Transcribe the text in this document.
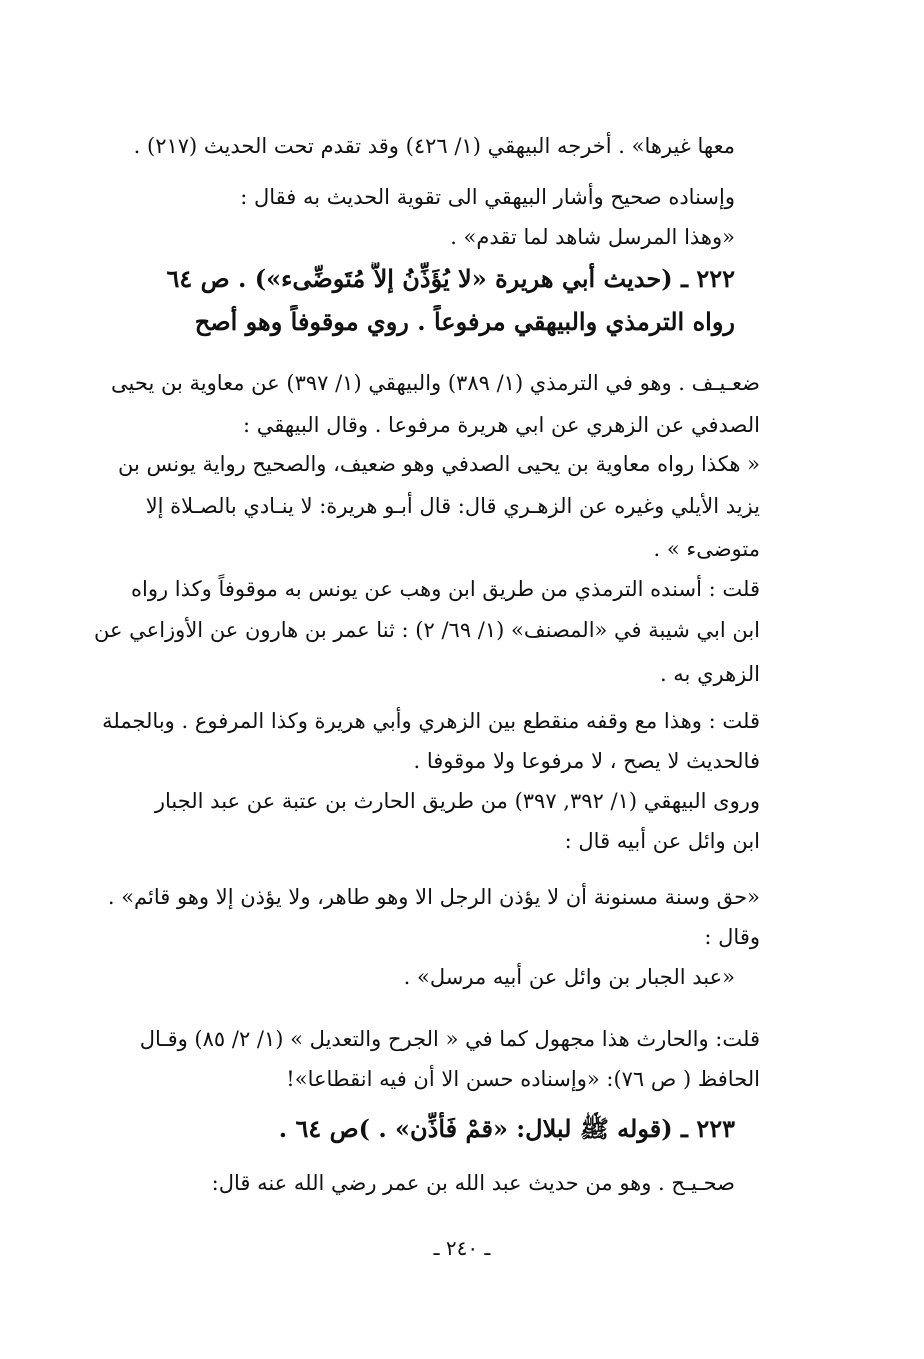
معها غيرها» . أخرجه البيهقي (١/ ٤٢٦) وقد تقدم تحت الحديث (٢١٧) .
وإسناده صحيح وأشار البيهقي الى تقوية الحديث به فقال :
«وهذا المرسل شاهد لما تقدم» .
٢٢٢ ـ (حديث أبي هريرة «لا يُؤَذِّنُ إلاَّ مُتَوضِّىء») . ص ٦٤
رواه الترمذي والبيهقي مرفوعاً . روي موقوفاً وهو أصح
ضعـيـف . وهو في الترمذي (١/ ٣٨٩) والبيهقي (١/ ٣٩٧) عن معاوية بن يحيى
الصدفي عن الزهري عن ابي هريرة مرفوعا . وقال البيهقي :
« هكذا رواه معاوية بن يحيى الصدفي وهو ضعيف، والصحيح رواية يونس بن
يزيد الأيلي وغيره عن الزهـري قال: قال أبـو هريرة: لا ينـادي بالصـلاة إلا
متوضىء » .
قلت : أسنده الترمذي من طريق ابن وهب عن يونس به موقوفاً وكذا رواه
ابن ابي شيبة في «المصنف» (١/ ٦٩/ ٢) : ثنا عمر بن هارون عن الأوزاعي عن
الزهري به .
قلت : وهذا مع وقفه منقطع بين الزهري وأبي هريرة وكذا المرفوع . وبالجملة
فالحديث لا يصح ، لا مرفوعا ولا موقوفا .
وروى البيهقي (١/ ٣٩٢, ٣٩٧) من طريق الحارث بن عتبة عن عبد الجبار
ابن وائل عن أبيه قال :
«حق وسنة مسنونة أن لا يؤذن الرجل الا وهو طاهر، ولا يؤذن إلا وهو قائم» .
وقال :
«عبد الجبار بن وائل عن أبيه مرسل» .
قلت: والحارث هذا مجهول كما في « الجرح والتعديل » (١/ ٢/ ٨٥) وقـال
الحافظ ( ص ٧٦): «وإسناده حسن الا أن فيه انقطاعا»!
٢٢٣ ـ (قوله ﷺ لبلال: «قمْ فَأذِّن» . )ص ٦٤ .
صحـيـح . وهو من حديث عبد الله بن عمر رضي الله عنه قال:
ـ ٢٤٠ ـ
